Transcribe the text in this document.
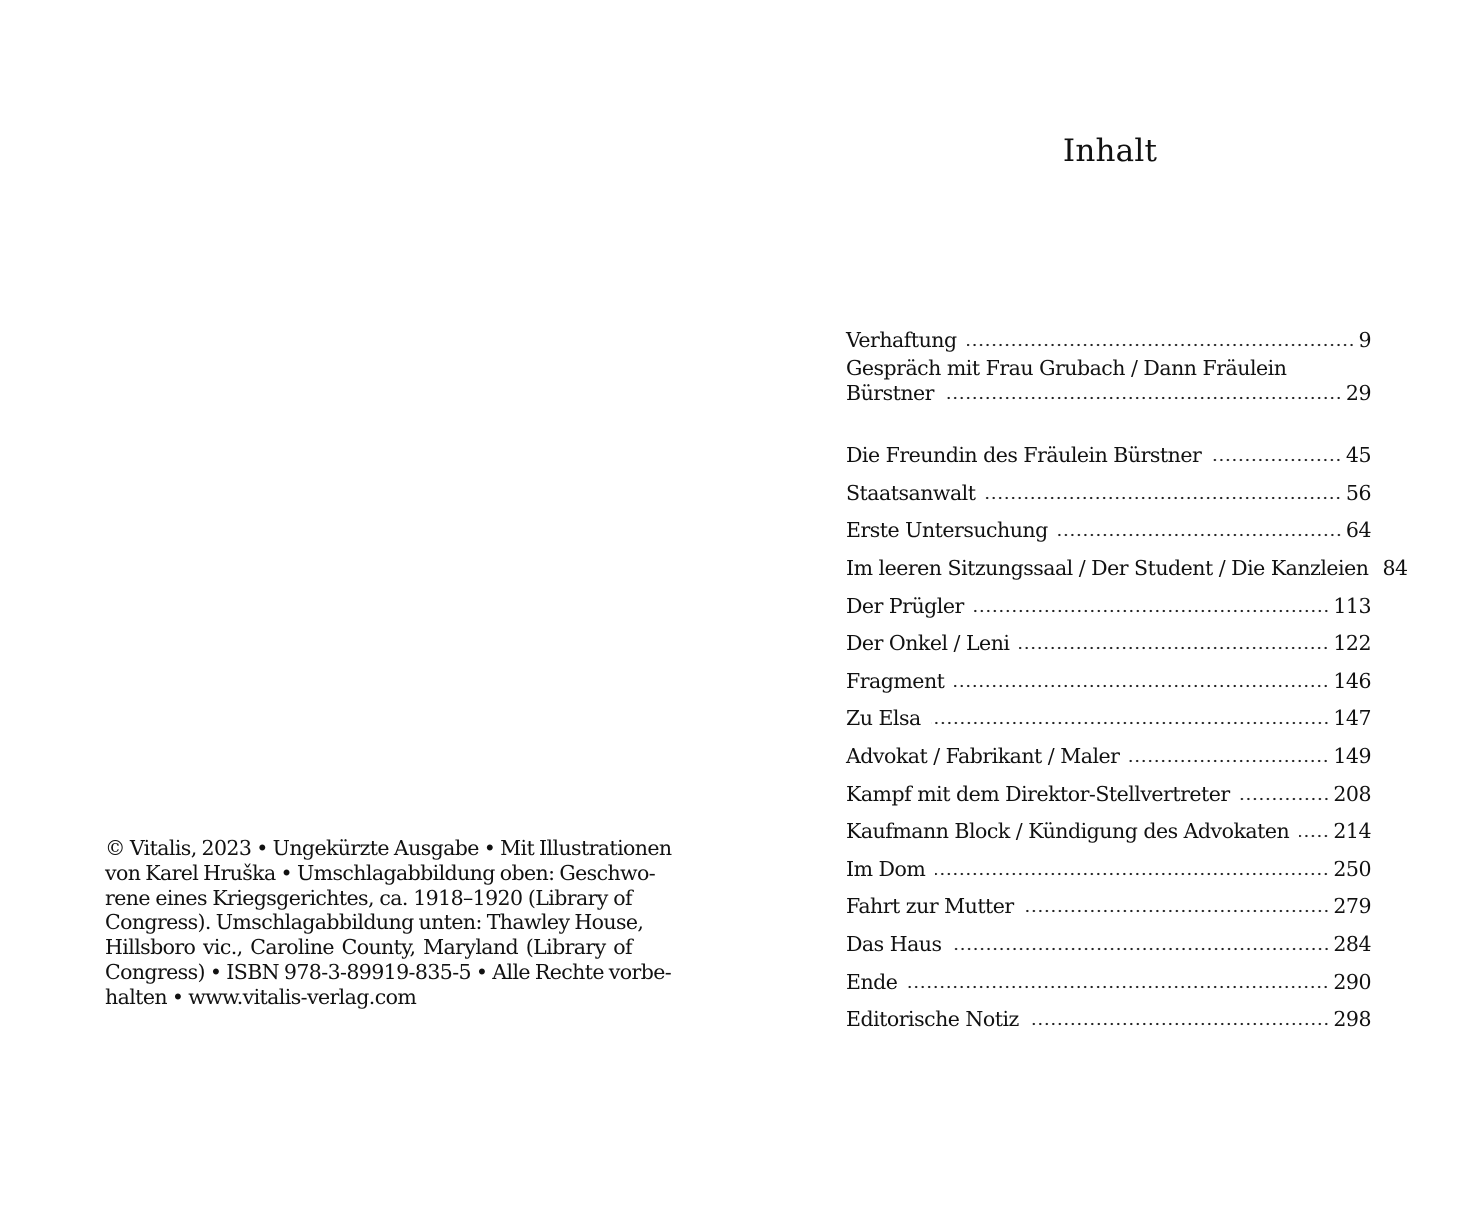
© Vitalis, 2023 • Ungekürzte Ausgabe • Mit Illustrationen
von Karel Hruška • Umschlagabbildung oben: Geschwo-
rene eines Kriegsgerichtes, ca. 1918–1920 (Library of
Congress). Umschlagabbildung unten: Thawley House,
Hillsboro vic., Caroline County, Maryland (Library of
Congress) • ISBN 978-3-89919-835-5 • Alle Rechte vorbe-
halten • www.vitalis-verlag.com
Inhalt
Verhaftung	9
Gespräch mit Frau Grubach / Dann Fräulein
Bürstner	29
Die Freundin des Fräulein Bürstner	45
Staatsanwalt	56
Erste Untersuchung	64
Im leeren Sitzungssaal / Der Student / Die Kanzleien 84
Der Prügler	113
Der Onkel / Leni	122
Fragment	146
Zu Elsa	147
Advokat / Fabrikant / Maler	149
Kampf mit dem Direktor-Stellvertreter	208
Kaufmann Block / Kündigung des Advokaten	214
Im Dom	250
Fahrt zur Mutter	279
Das Haus	284
Ende	290
Editorische Notiz	298
